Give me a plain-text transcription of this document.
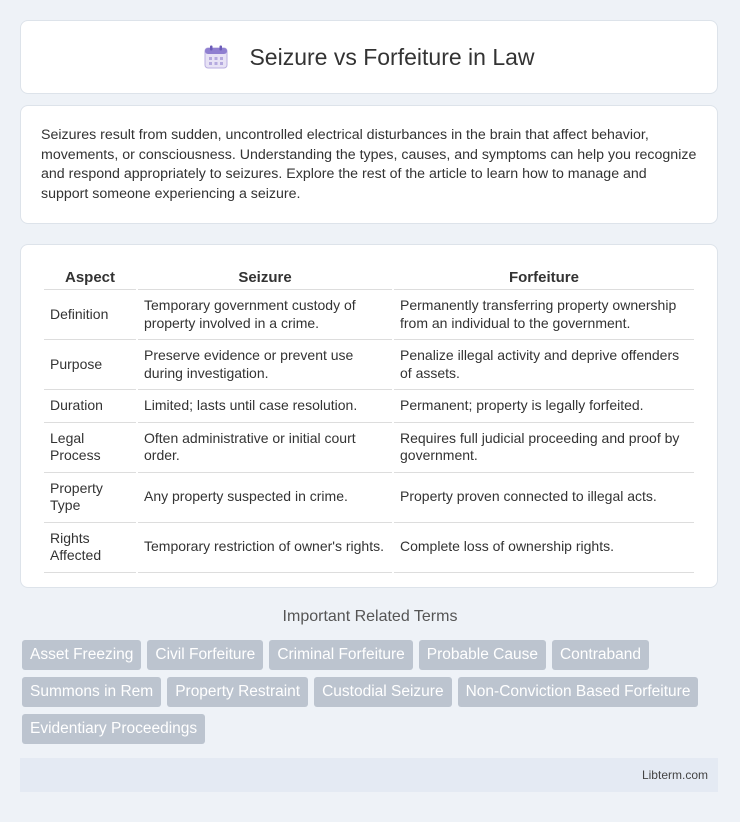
Seizure vs Forfeiture in Law

Seizures result from sudden, uncontrolled electrical disturbances in the brain that affect behavior, movements, or consciousness. Understanding the types, causes, and symptoms can help you recognize and respond appropriately to seizures. Explore the rest of the article to learn how to manage and support someone experiencing a seizure.

Aspect	Seizure	Forfeiture
Definition	Temporary government custody of property involved in a crime.	Permanently transferring property ownership from an individual to the government.
Purpose	Preserve evidence or prevent use during investigation.	Penalize illegal activity and deprive offenders of assets.
Duration	Limited; lasts until case resolution.	Permanent; property is legally forfeited.
Legal Process	Often administrative or initial court order.	Requires full judicial proceeding and proof by government.
Property Type	Any property suspected in crime.	Property proven connected to illegal acts.
Rights Affected	Temporary restriction of owner's rights.	Complete loss of ownership rights.
Important Related Terms
Asset Freezing	Civil Forfeiture	Criminal Forfeiture	Probable Cause	Contraband
Summons in Rem	Property Restraint	Custodial Seizure	Non-Conviction Based Forfeiture
Evidentiary Proceedings
Libterm.com
